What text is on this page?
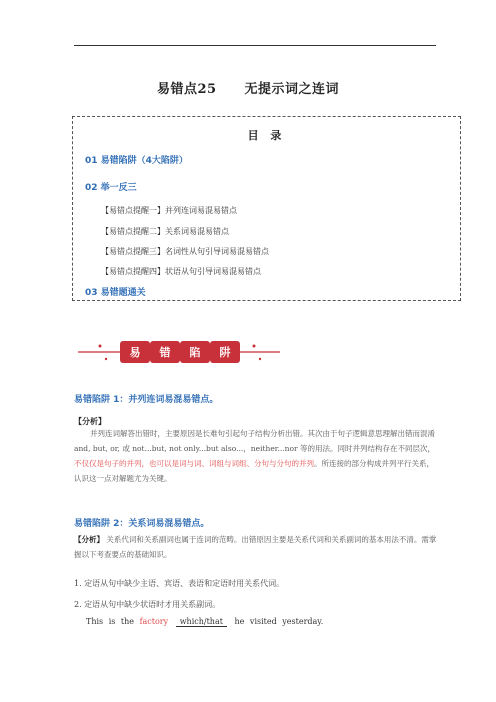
易错点25 无提示词之连词
目 录
01 易错陷阱（4大陷阱）
02 举一反三
【易错点提醒一】并列连词易混易错点
【易错点提醒二】关系词易混易错点
【易错点提醒三】名词性从句引导词易混易错点
【易错点提醒四】状语从句引导词易混易错点
03 易错题通关
易 错 陷 阱
易错陷阱 1：并列连词易混易错点。
【分析】
并列连词解答出错时，主要原因是长难句引起句子结构分析出错。其次由于句子逻辑意思理解出错而混淆 and, but, or, 或 not...but, not only...but also...，neither...nor 等的用法。同时并列结构存在不同层次，不仅仅是句子的并列，也可以是词与词、词组与词组、分句与分句的并列。所连接的部分构成并列平行关系，认识这一点对解题尤为关键。
易错陷阱 2：关系词易混易错点。
【分析】 关系代词和关系副词也属于连词的范畴。出错原因主要是关系代词和关系副词的基本用法不清。需掌握以下考查要点的基础知识。
1. 定语从句中缺少主语、宾语、表语和定语时用关系代词。
2. 定语从句中缺少状语时才用关系副词。
This is the factory which/that he visited yesterday.
